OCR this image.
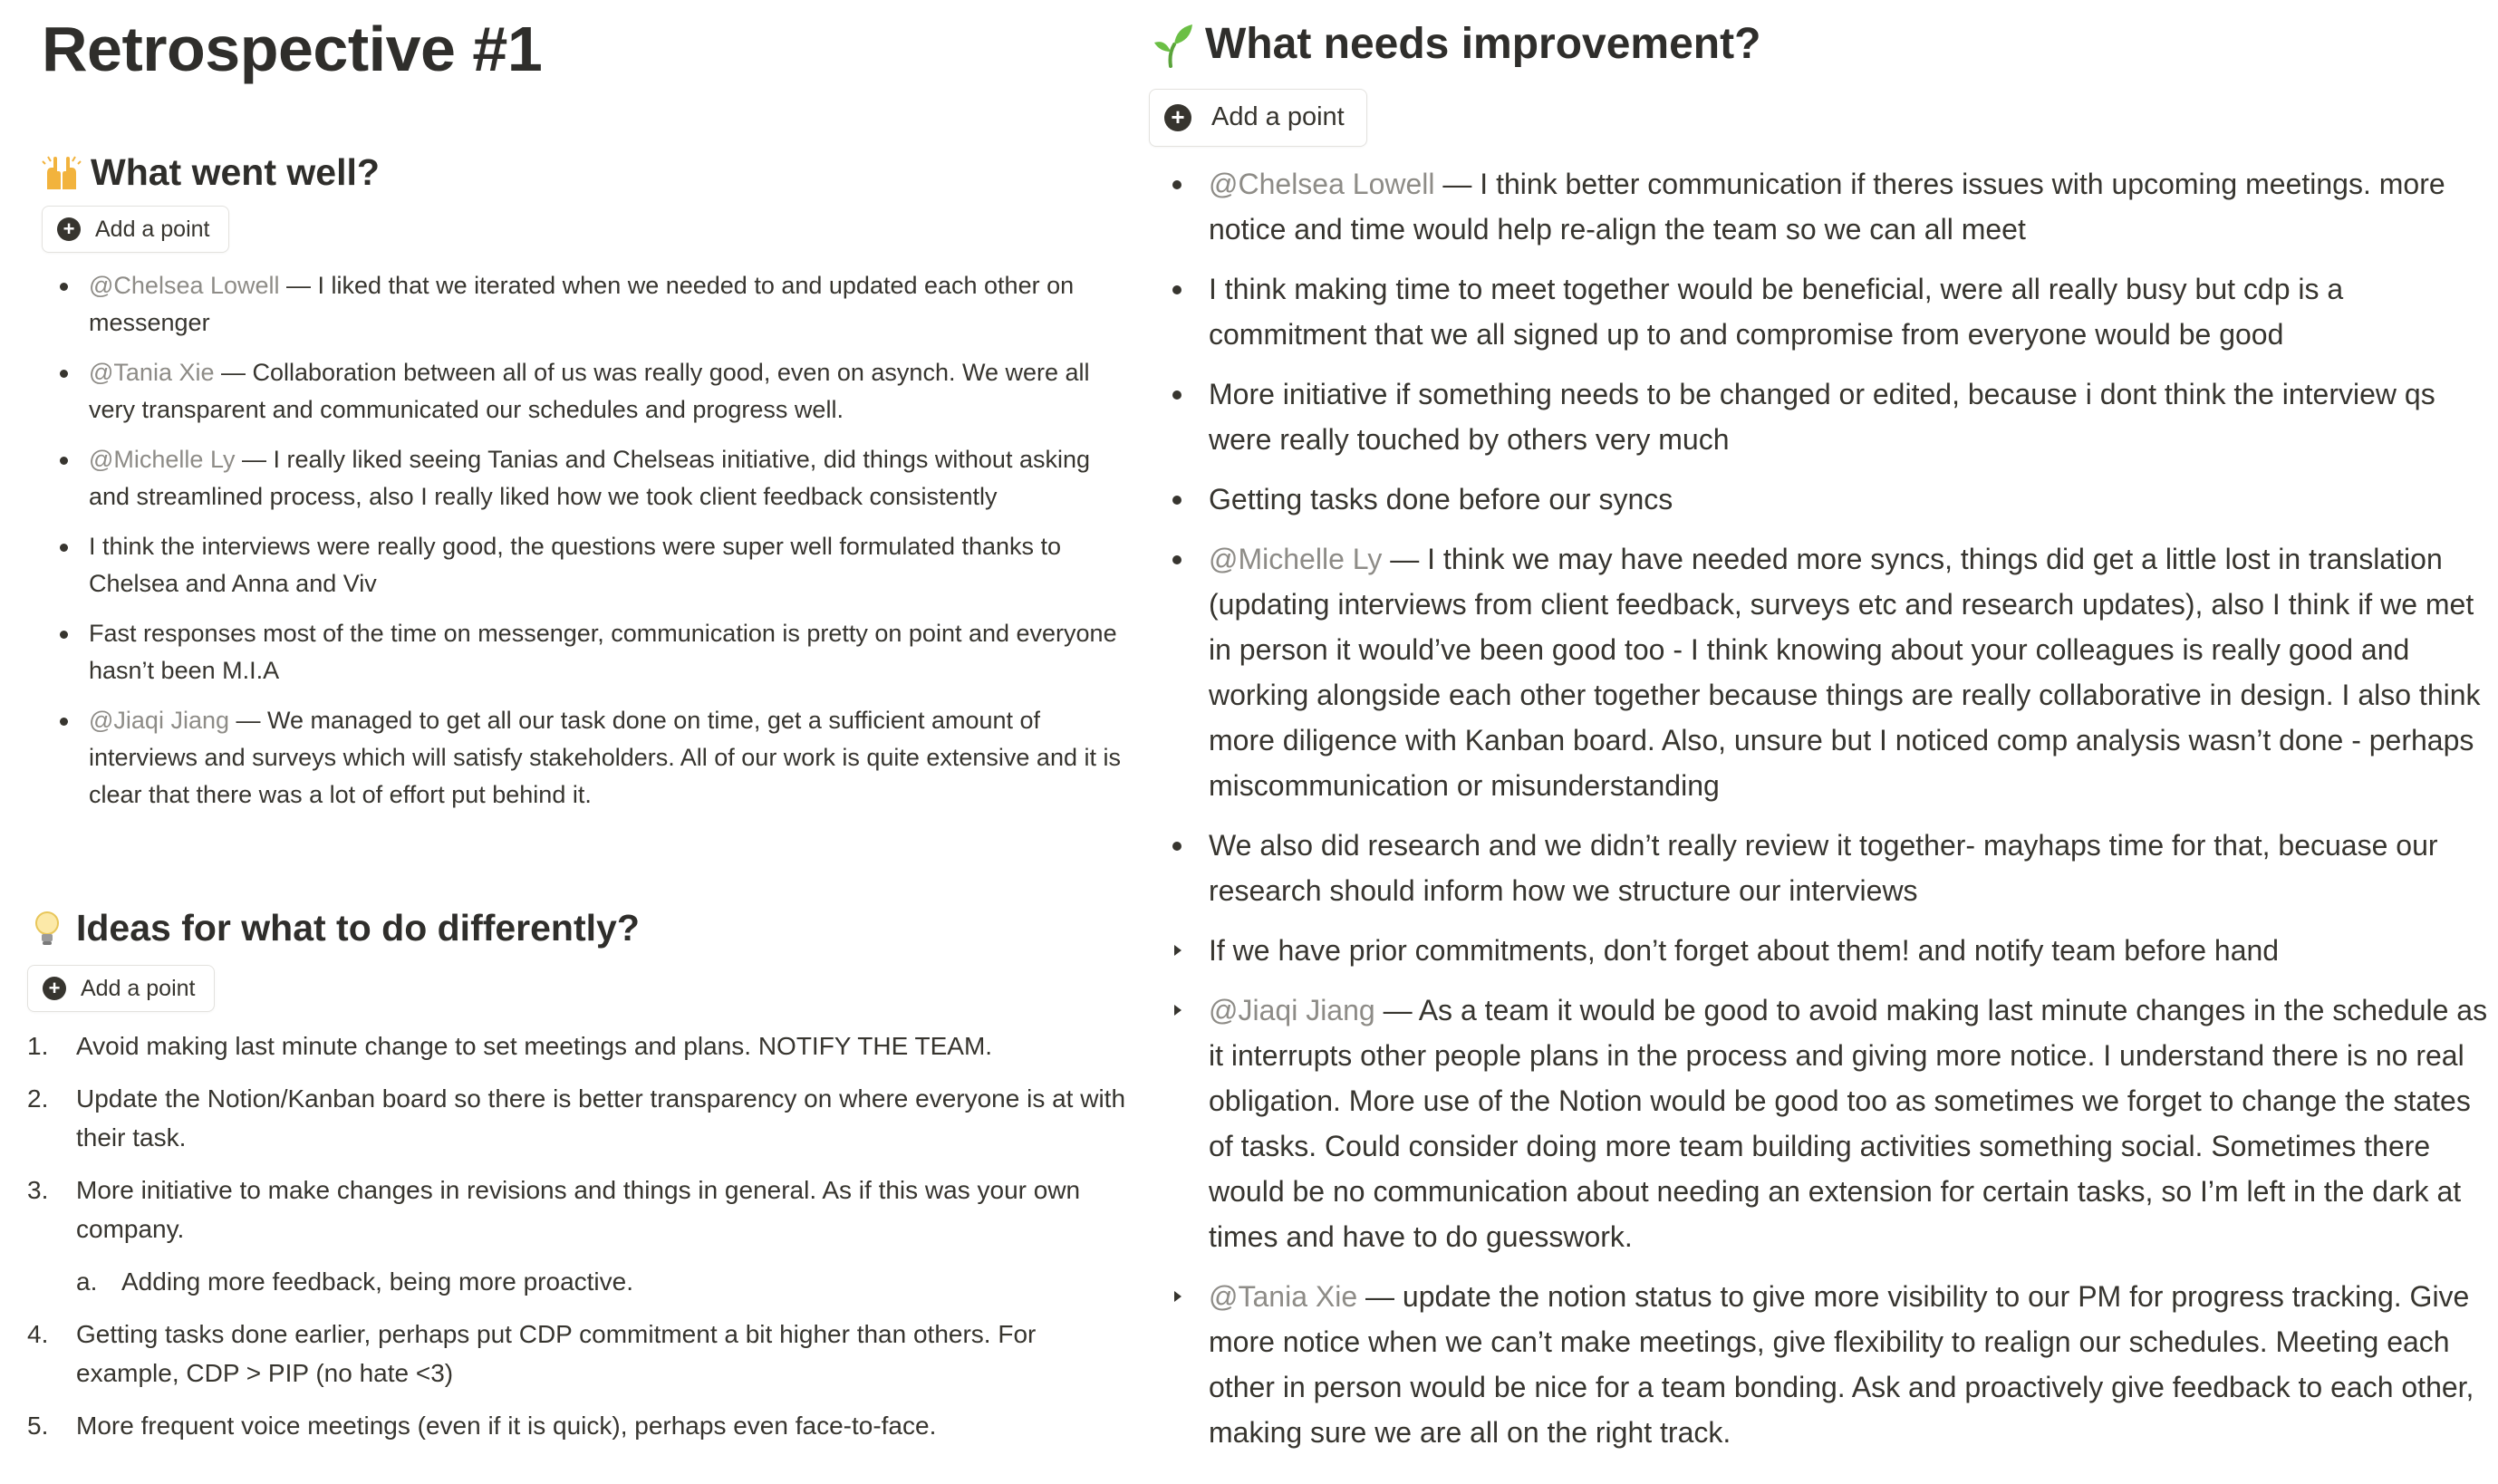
Retrospective #1
What went well?
+ Add a point
@Chelsea Lowell — I liked that we iterated when we needed to and updated each other on messenger
@Tania Xie — Collaboration between all of us was really good, even on asynch. We were all very transparent and communicated our schedules and progress well.
@Michelle Ly — I really liked seeing Tanias and Chelseas initiative, did things without asking and streamlined process, also I really liked how we took client feedback consistently
I think the interviews were really good, the questions were super well formulated thanks to Chelsea and Anna and Viv
Fast responses most of the time on messenger, communication is pretty on point and everyone hasn’t been M.I.A
@Jiaqi Jiang — We managed to get all our task done on time, get a sufficient amount of interviews and surveys which will satisfy stakeholders. All of our work is quite extensive and it is clear that there was a lot of effort put behind it.
Ideas for what to do differently?
+ Add a point
1. Avoid making last minute change to set meetings and plans. NOTIFY THE TEAM.
2. Update the Notion/Kanban board so there is better transparency on where everyone is at with their task.
3. More initiative to make changes in revisions and things in general. As if this was your own company.
a. Adding more feedback, being more proactive.
4. Getting tasks done earlier, perhaps put CDP commitment a bit higher than others. For example, CDP > PIP (no hate <3)
5. More frequent voice meetings (even if it is quick), perhaps even face-to-face.
What needs improvement?
+ Add a point
@Chelsea Lowell — I think better communication if theres issues with upcoming meetings. more notice and time would help re-align the team so we can all meet
I think making time to meet together would be beneficial, were all really busy but cdp is a commitment that we all signed up to and compromise from everyone would be good
More initiative if something needs to be changed or edited, because i dont think the interview qs were really touched by others very much
Getting tasks done before our syncs
@Michelle Ly — I think we may have needed more syncs, things did get a little lost in translation (updating interviews from client feedback, surveys etc and research updates), also I think if we met in person it would’ve been good too - I think knowing about your colleagues is really good and working alongside each other together because things are really collaborative in design. I also think more diligence with Kanban board. Also, unsure but I noticed comp analysis wasn’t done - perhaps miscommunication or misunderstanding
We also did research and we didn’t really review it together- mayhaps time for that, becuase our research should inform how we structure our interviews
If we have prior commitments, don’t forget about them! and notify team before hand
@Jiaqi Jiang — As a team it would be good to avoid making last minute changes in the schedule as it interrupts other people plans in the process and giving more notice. I understand there is no real obligation. More use of the Notion would be good too as sometimes we forget to change the states of tasks. Could consider doing more team building activities something social. Sometimes there would be no communication about needing an extension for certain tasks, so I’m left in the dark at times and have to do guesswork.
@Tania Xie — update the notion status to give more visibility to our PM for progress tracking. Give more notice when we can’t make meetings, give flexibility to realign our schedules. Meeting each other in person would be nice for a team bonding. Ask and proactively give feedback to each other, making sure we are all on the right track.
